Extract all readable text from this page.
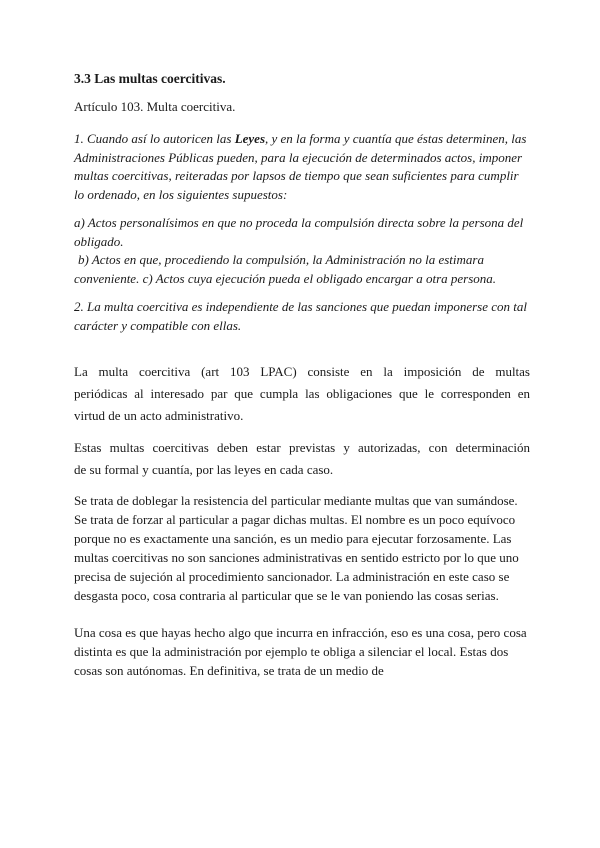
3.3 Las multas coercitivas.
Artículo 103. Multa coercitiva.

1. Cuando así lo autoricen las Leyes, y en la forma y cuantía que éstas determinen, las Administraciones Públicas pueden, para la ejecución de determinados actos, imponer multas coercitivas, reiteradas por lapsos de tiempo que sean suficientes para cumplir lo ordenado, en los siguientes supuestos:

a) Actos personalísimos en que no proceda la compulsión directa sobre la persona del obligado.

b) Actos en que, procediendo la compulsión, la Administración no la estimara conveniente. c) Actos cuya ejecución pueda el obligado encargar a otra persona.

2. La multa coercitiva es independiente de las sanciones que puedan imponerse con tal carácter y compatible con ellas.

La multa coercitiva (art 103 LPAC) consiste en la imposición de multas
periódicas al interesado par que cumpla las obligaciones que le corresponden en
virtud de un acto administrativo.
Estas multas coercitivas deben estar previstas y autorizadas, con determinación
de su formal y cuantía, por las leyes en cada caso.

Se trata de doblegar la resistencia del particular mediante multas que van sumándose. Se trata de forzar al particular a pagar dichas multas. El nombre es un poco equívoco porque no es exactamente una sanción, es un medio para ejecutar forzosamente. Las multas coercitivas no son sanciones administrativas en sentido estricto por lo que uno precisa de sujeción al procedimiento sancionador. La administración en este caso se desgasta poco, cosa contraria al particular que se le van poniendo las cosas serias.

Una cosa es que hayas hecho algo que incurra en infracción, eso es una cosa, pero cosa distinta es que la administración por ejemplo te obliga a silenciar el local. Estas dos cosas son autónomas. En definitiva, se trata de un medio de
